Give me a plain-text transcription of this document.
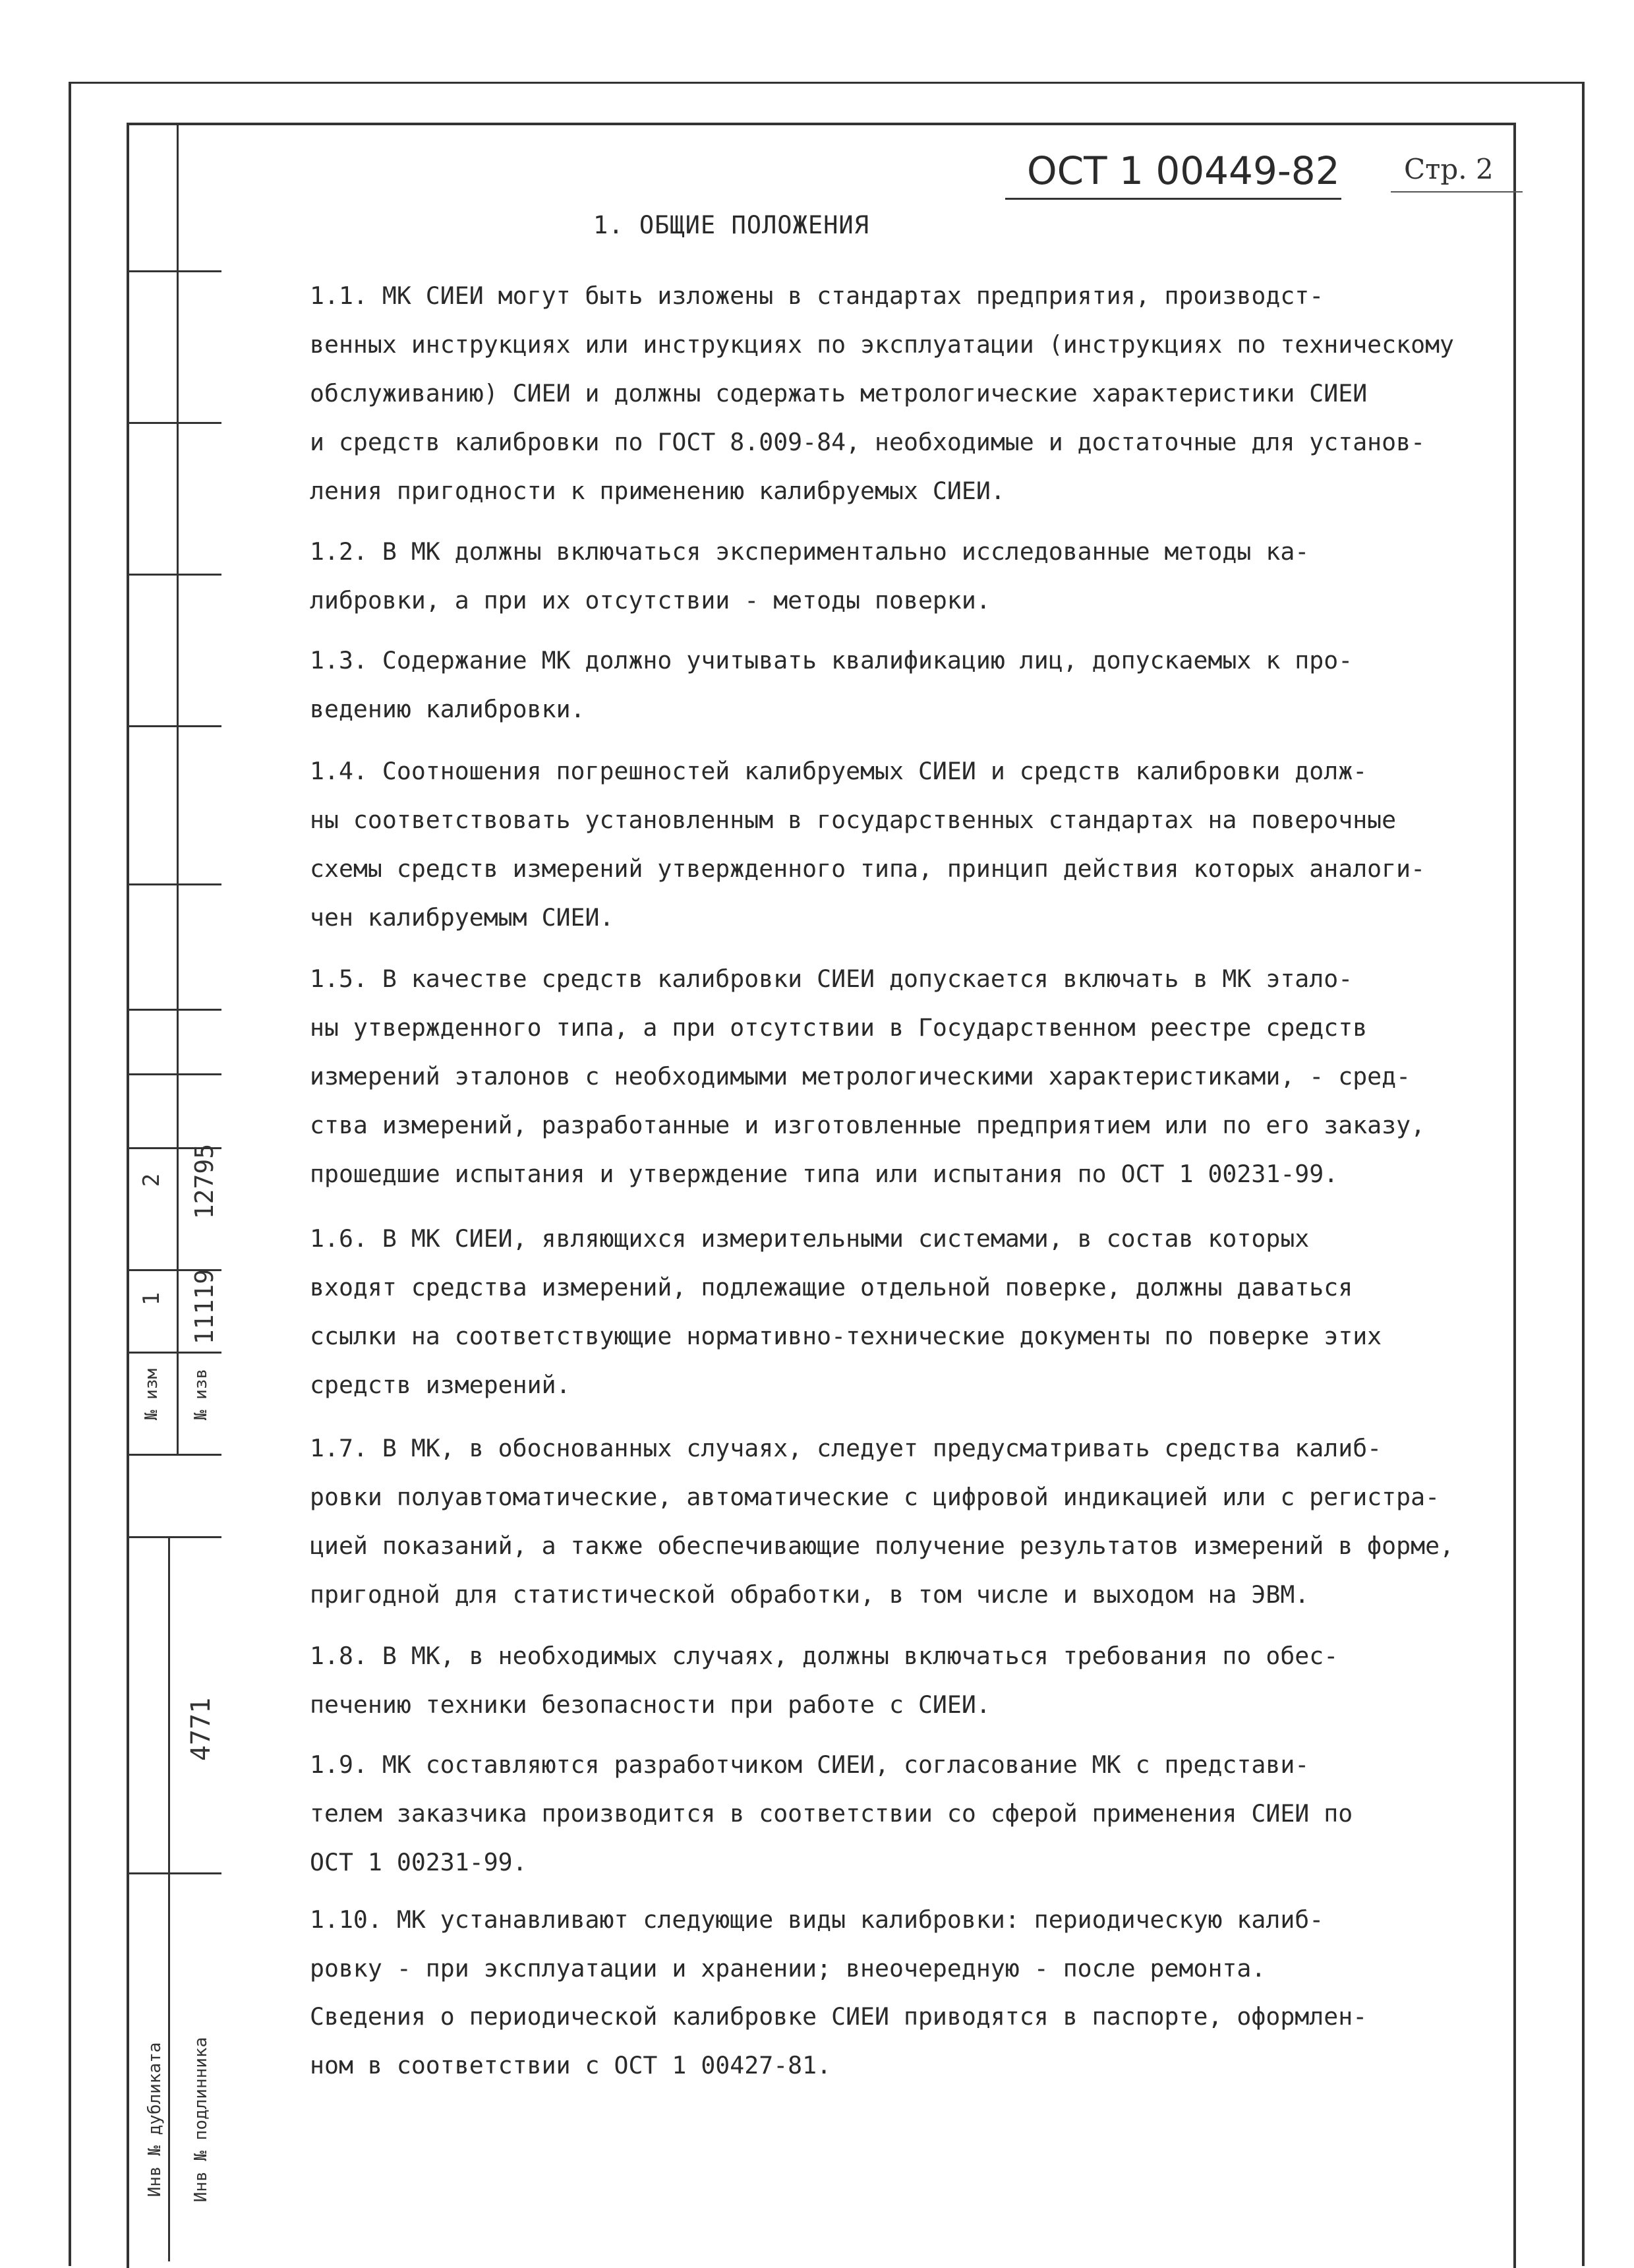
№ изм № изв
1 11119
2 12795
4771
Инв № дубликата Инв № подлинника
ОСТ 1 00449-82 Стр. 2
1. ОБЩИЕ ПОЛОЖЕНИЯ

1.1. МК СИЕИ могут быть изложены в стандартах предприятия, производст-
венных инструкциях или инструкциях по эксплуатации (инструкциях по техническому
обслуживанию) СИЕИ и должны содержать метрологические характеристики СИЕИ
и средств калибровки по ГОСТ 8.009-84, необходимые и достаточные для установ-
ления пригодности к применению калибруемых СИЕИ.

1.2. В МК должны включаться экспериментально исследованные методы ка-
либровки, а при их отсутствии - методы поверки.

1.3. Содержание МК должно учитывать квалификацию лиц, допускаемых к про-
ведению калибровки.

1.4. Соотношения погрешностей калибруемых СИЕИ и средств калибровки долж-
ны соответствовать установленным в государственных стандартах на поверочные
схемы средств измерений утвержденного типа, принцип действия которых аналоги-
чен калибруемым СИЕИ.

1.5. В качестве средств калибровки СИЕИ допускается включать в МК этало-
ны утвержденного типа, а при отсутствии в Государственном реестре средств
измерений эталонов с необходимыми метрологическими характеристиками, - сред-
ства измерений, разработанные и изготовленные предприятием или по его заказу,
прошедшие испытания и утверждение типа или испытания по ОСТ 1 00231-99.

1.6. В МК СИЕИ, являющихся измерительными системами, в состав которых
входят средства измерений, подлежащие отдельной поверке, должны даваться
ссылки на соответствующие нормативно-технические документы по поверке этих
средств измерений.

1.7. В МК, в обоснованных случаях, следует предусматривать средства калиб-
ровки полуавтоматические, автоматические с цифровой индикацией или с регистра-
цией показаний, а также обеспечивающие получение результатов измерений в форме,
пригодной для статистической обработки, в том числе и выходом на ЭВМ.

1.8. В МК, в необходимых случаях, должны включаться требования по обес-
печению техники безопасности при работе с СИЕИ.

1.9. МК составляются разработчиком СИЕИ, согласование МК с представи-
телем заказчика производится в соответствии со сферой применения СИЕИ по
ОСТ 1 00231-99.

1.10. МК устанавливают следующие виды калибровки: периодическую калиб-
ровку - при эксплуатации и хранении; внеочередную - после ремонта.

Сведения о периодической калибровке СИЕИ приводятся в паспорте, оформлен-
ном в соответствии с ОСТ 1 00427-81.
